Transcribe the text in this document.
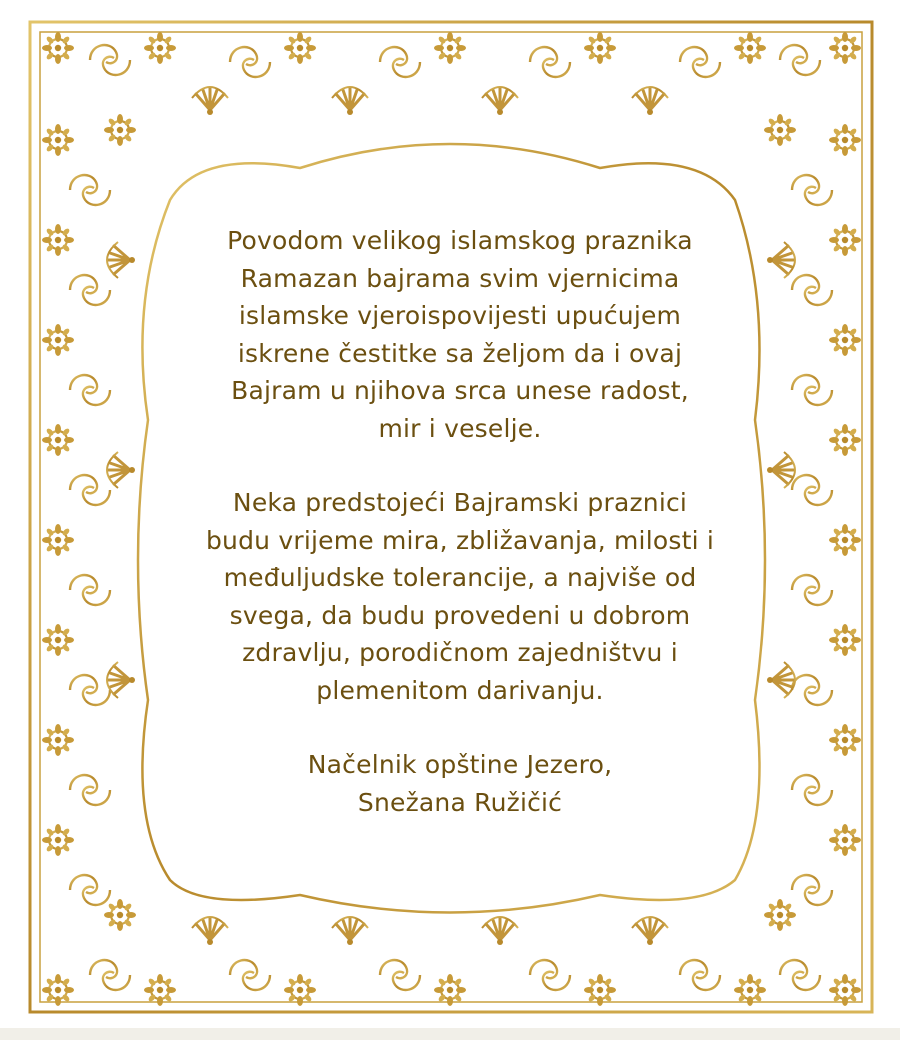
Povodom velikog islamskog praznika
Ramazan bajrama svim vjernicima
islamske vjeroispovijesti upućujem
iskrene čestitke sa željom da i ovaj
Bajram u njihova srca unese radost,
mir i veselje.

Neka predstojeći Bajramski praznici
budu vrijeme mira, zbližavanja, milosti i
međuljudske tolerancije, a najviše od
svega, da budu provedeni u dobrom
zdravlju, porodičnom zajedništvu i
plemenitom darivanju.

Načelnik opštine Jezero,

Snežana Ružičić
